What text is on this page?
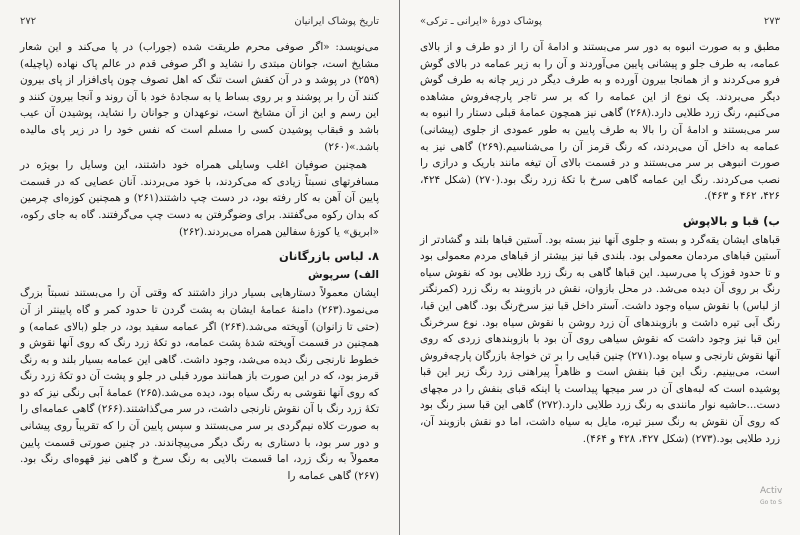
۲۷۲	تاریخ پوشاک ایرانیان

می‌نویسد: «اگر صوفی محرم طریقت شده (جوراب) در پا می‌کند و این شعار مشایخ است، جوانان مبتدی را نشاید و اگر صوفی قدم در عالم پاک نهاده (پاچیله)(۲۵۹) در پوشد و در آن کفش است تنگ که اهل تصوف چون پای‌افزار از پای بیرون کنند آن را بر پوشند و بر روی بساط یا به سجادهٔ خود با آن روند و آنجا بیرون کنند و این رسم و این از آن مشایخ است، نوعهدان و جوانان را نشاید، پوشیدن آن عیب باشد و قبقاب پوشیدن کسی را مسلم است که نفس خود را در زیر پای مالیده باشد.»(۲۶۰)

همچنین صوفیان اغلب وسایلی همراه خود داشتند، این وسایل را بویژه در مسافرتهای نسبتاً زیادی که می‌کردند، با خود می‌بردند. آنان عصایی که در قسمت پایین آن آهن به کار رفته بود، در دست چپ داشتند(۲۶۱) و همچنین کوزه‌ای چرمین که بدان رکوه می‌گفتند. برای وضوگرفتن به دست چپ می‌گرفتند. گاه به جای رکوه، «ابریق» یا کوزهٔ سفالین همراه می‌بردند.(۲۶۲)

۸. لباس بازرگانان
الف) سرپوش

ایشان معمولاً دستارهایی بسیار دراز داشتند که وقتی آن را می‌بستند نسبتاً بزرگ می‌نمود.(۲۶۳) دامنهٔ عمامهٔ ایشان به پشت گردن تا حدود کمر و گاه پایینتر از آن (حتی تا زانوان) آویخته می‌شد.(۲۶۴) اگر عمامه سفید بود، در جلو (بالای عمامه) و همچنین در قسمت آویخته شدهٔ پشت عمامه، دو تکهٔ زرد رنگ که روی آنها نقوش و خطوط نارنجی رنگ دیده می‌شد، وجود داشت. گاهی این عمامه بسیار بلند و به رنگ قرمز بود، که در این صورت باز همانند مورد قبلی در جلو و پشت آن دو تکهٔ زرد رنگ که روی آنها نقوشی به رنگ سیاه بود، دیده می‌شد.(۲۶۵) عمامهٔ آبی رنگی نیز که دو تکهٔ زرد رنگ با آن نقوش نارنجی داشت، در سر می‌گذاشتند.(۲۶۶) گاهی عمامه‌ای را به صورت کلاه نیم‌گردی بر سر می‌بستند و سپس پایین آن را که تقریباً روی پیشانی و دور سر بود، با دستاری به رنگ دیگر می‌پیچاندند. در چنین صورتی قسمت پایین معمولاً به رنگ زرد، اما قسمت بالایی به رنگ سرخ و گاهی نیز قهوه‌ای رنگ بود.(۲۶۷) گاهی عمامه را

پوشاک دورهٔ «ایرانی ـ ترکی»	۲۷۳

مطبق و به صورت انبوه به دور سر می‌بستند و ادامهٔ آن را از دو طرف و از بالای عمامه، به طرف جلو و پیشانی پایین می‌آوردند و آن را به زیر عمامه در بالای گوش فرو می‌کردند و از همانجا بیرون آورده و به طرف دیگر در زیر چانه به طرف گوش دیگر می‌بردند. یک نوع از این عمامه را که بر سر تاجر پارچه‌فروش مشاهده می‌کنیم، رنگ زرد طلایی دارد.(۲۶۸) گاهی نیز همچون عمامهٔ قبلی دستار را انبوه به سر می‌بستند و ادامهٔ آن را بالا به طرف پایین به طور عمودی از جلوی (پیشانی) عمامه به داخل آن می‌بردند، که رنگ قرمز آن را می‌شناسیم.(۲۶۹) گاهی نیز به صورت انبوهی بر سر می‌بستند و در قسمت بالای آن تیغه مانند باریک و درازی را نصب می‌کردند. رنگ این عمامه گاهی سرخ با تکهٔ زرد رنگ بود.(۲۷۰) (شکل ۴۲۴، ۴۲۶، ۴۶۲ و ۴۶۳).

ب) قبا و بالاپوش

قباهای ایشان یقه‌گرد و بسته و جلوی آنها نیز بسته بود. آستین قباها بلند و گشادتر از آستین قباهای مردمان معمولی بود. بلندی قبا نیز بیشتر از قباهای مردم معمولی بود و تا حدود قوزک پا می‌رسید. این قباها گاهی به رنگ زرد طلایی بود که نقوش سیاه رنگ بر روی آن دیده می‌شد. در محل بازوان، نقش در بازوبند به رنگ زرد (کمرنگتر از لباس) با نقوش سیاه وجود داشت. آستر داخل قبا نیز سرخ‌رنگ بود. گاهی این قبا، رنگ آبی تیره داشت و بازوبندهای آن زرد روشن با نقوش سیاه بود. نوع سرخرنگ این قبا نیز وجود داشت که نقوش سیاهی روی آن بود با بازوبندهای زردی که روی آنها نقوش نارنجی و سیاه بود.(۲۷۱) چنین قبایی را بر تن خواجهٔ بازرگان پارچه‌فروش است، می‌بینیم. رنگ این قبا بنفش است و ظاهراً پیراهنی زرد رنگ زیر این قبا پوشیده است که لبه‌های آن در سر میجها پیداست یا اینکه قبای بنفش را در مچهای دست...حاشیه نوار مانندی به رنگ زرد طلایی دارد.(۲۷۲) گاهی این قبا سبز رنگ بود که روی آن نقوش به رنگ سبز تیره، مایل به سیاه داشت، اما دو نقش بازوبند آن، زرد طلایی بود.(۲۷۳) (شکل ۴۲۷، ۴۲۸ و ۴۶۴).

Activ
Go to S
